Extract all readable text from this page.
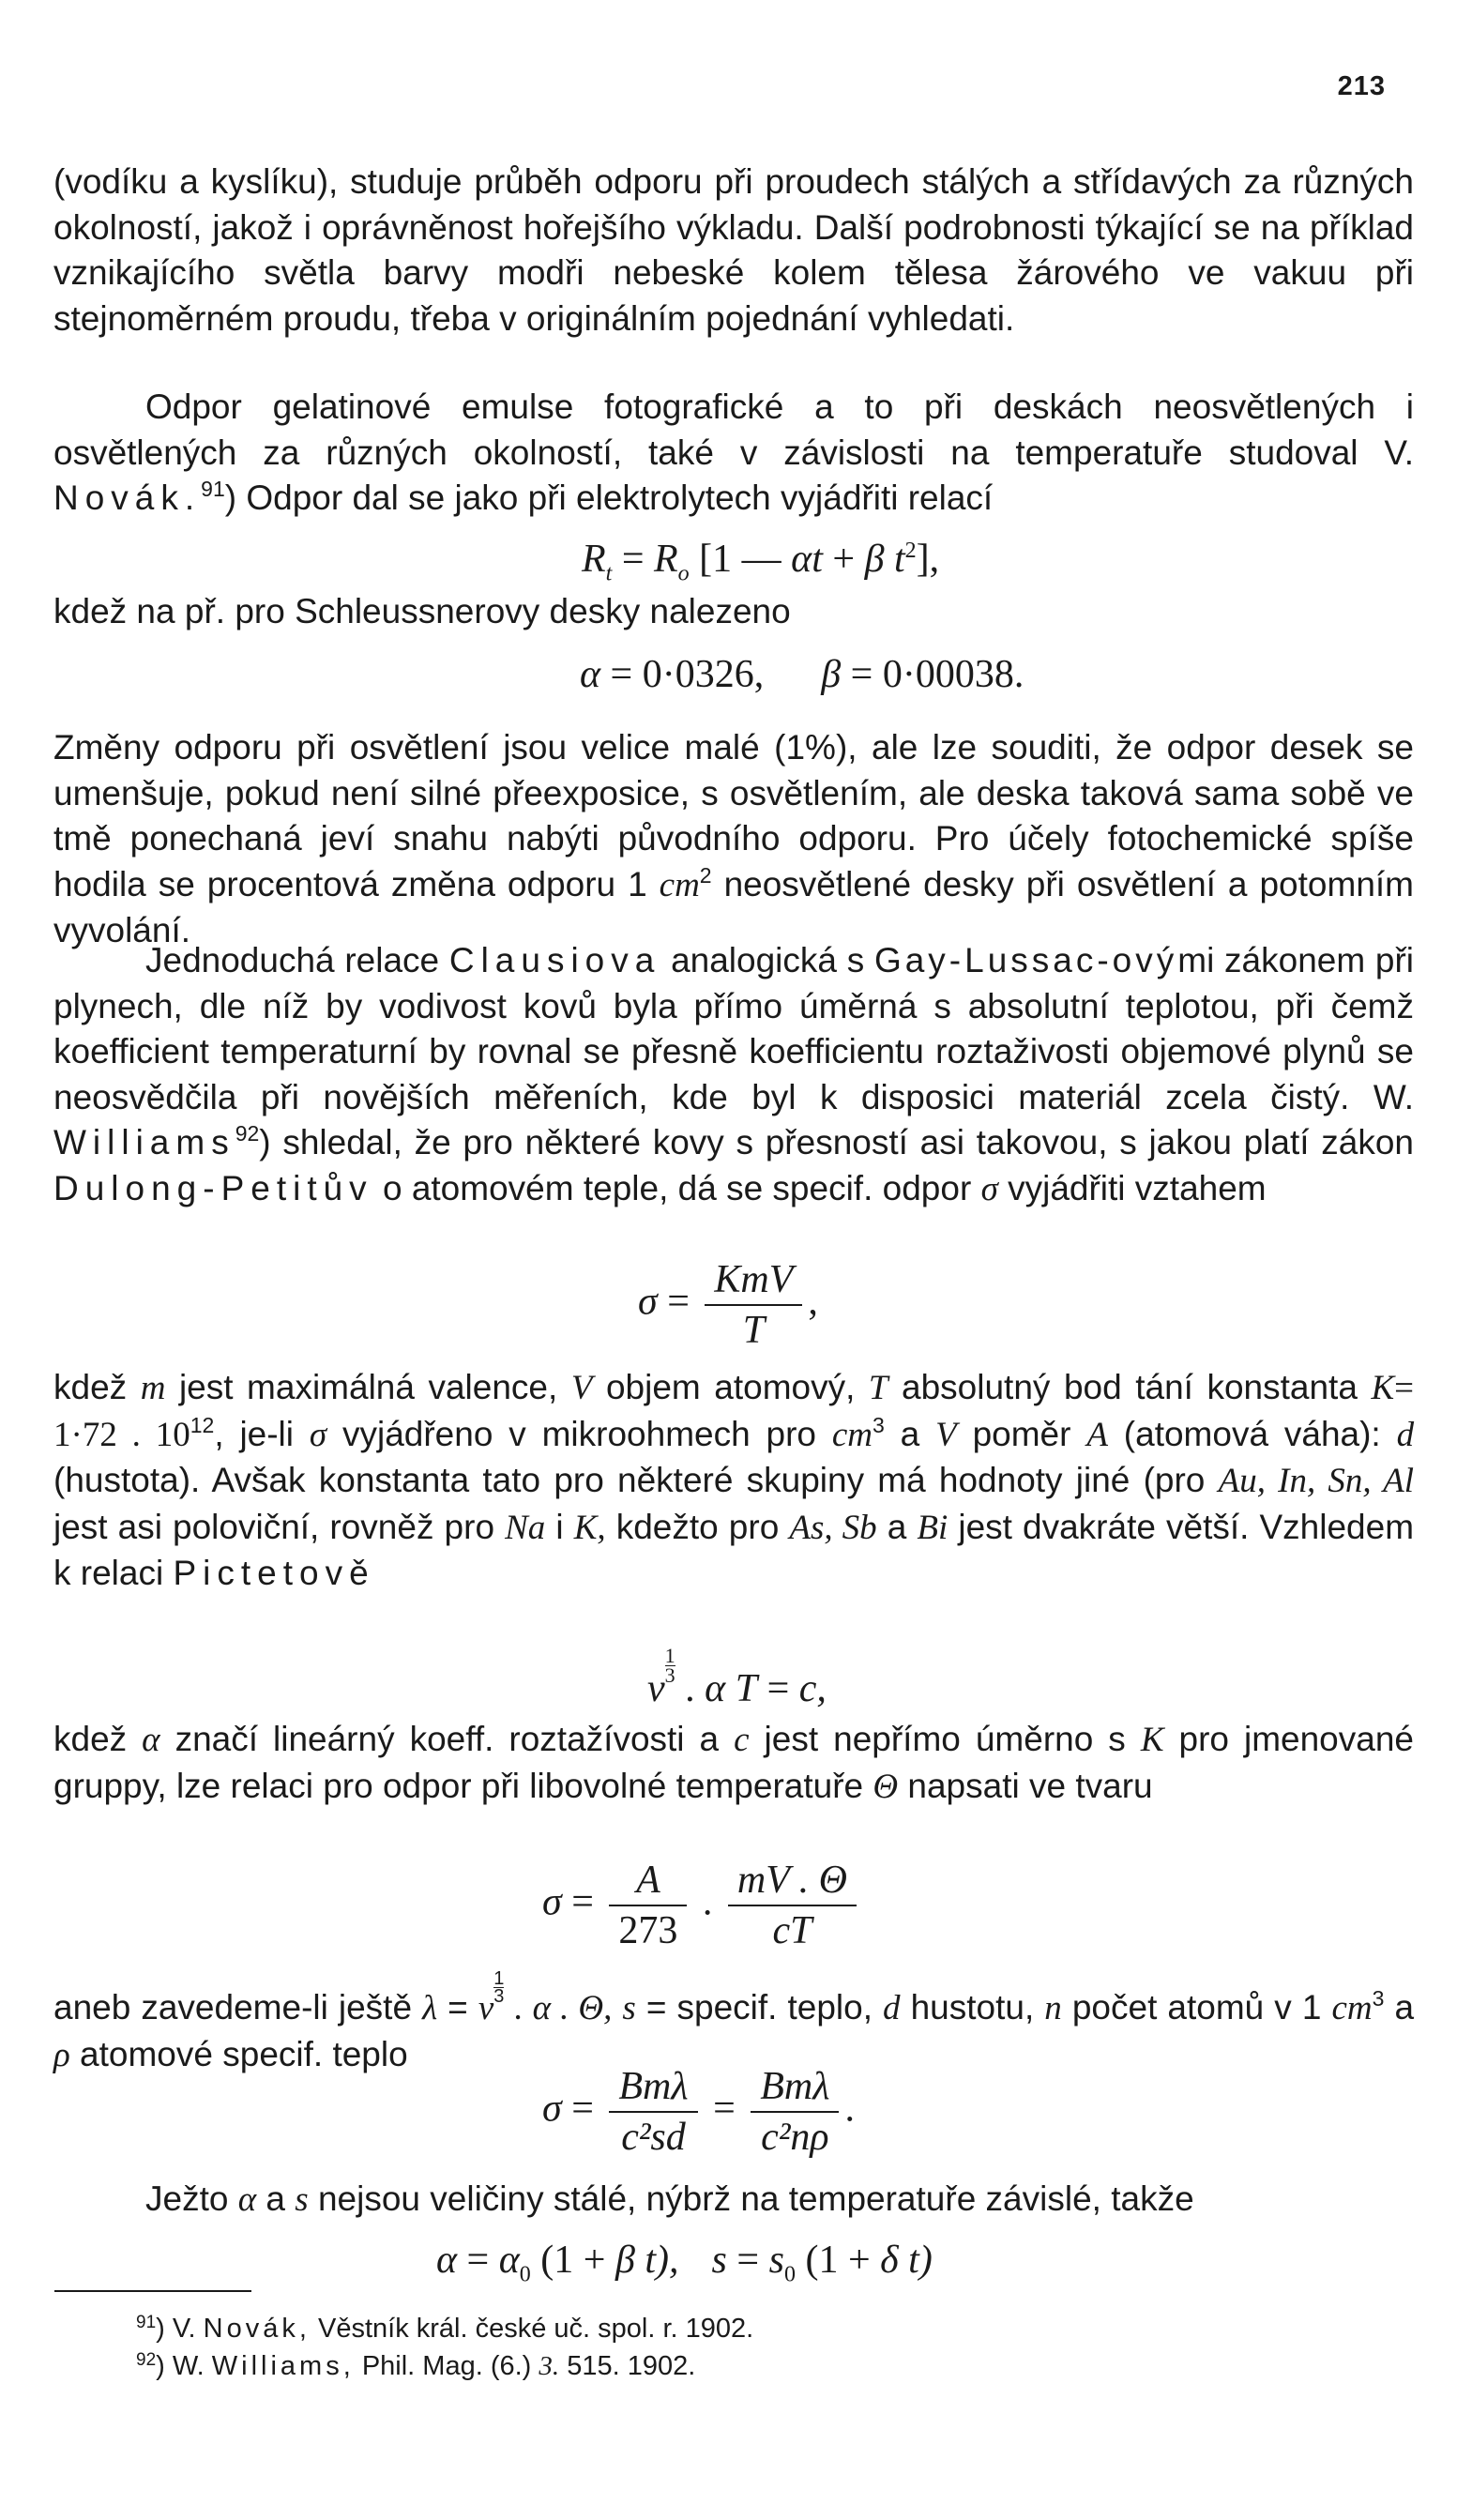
213

(vodíku a kyslíku), studuje průběh odporu při proudech stálých a střídavých za různých okolností, jakož i oprávněnost hořejšího výkladu. Další podrobnosti týkající se na příklad vznikajícího světla barvy modři nebeské kolem tělesa žárového ve vakuu při stejnoměrném proudu, třeba v originálním pojednání vyhledati.

Odpor gelatinové emulse fotografické a to při deskách neosvětlených i osvětlených za různých okolností, také v závislosti na temperatuře studoval V. Novák.$^{91}$) Odpor dal se jako při elektrolytech vyjádřiti relací

$R_t = R_o$ [1 — αt + β $t^2$],

kdež na př. pro Schleussnerovy desky nalezeno

α = 0·0326, β = 0·00038.

Změny odporu při osvětlení jsou velice malé (1%), ale lze souditi, že odpor desek se umenšuje, pokud není silné přeexposice, s osvětlením, ale deska taková sama sobě ve tmě ponechaná jeví snahu nabýti původního odporu. Pro účely fotochemické spíše hodila se procentová změna odporu 1 cm$^2$ neosvětlené desky při osvětlení a potomním vyvolání.

Jednoduchá relace Clausiova analogická s Gay-Lussac-ovými zákonem při plynech, dle níž by vodivost kovů byla přímo úměrná s absolutní teplotou, při čemž koefficient temperaturní by rovnal se přesně koefficientu roztaživosti objemové plynů se neosvědčila při novějších měřeních, kde byl k disposici materiál zcela čistý. W. Williams$^{92}$) shledal, že pro některé kovy s přesností asi takovou, s jakou platí zákon Dulong-Petitův o atomovém teple, dá se specif. odpor σ vyjádřiti vztahem

$\sigma = \frac{\text{KmV}}{T}$ ,

kdež m jest maximálná valence, V objem atomový, T absolutný bod tání konstanta K= 1·72 . 10$^{12}$, je-li σ vyjádřeno v mikroohmech pro cm$^3$ a V poměr A (atomová váha): d (hustota). Avšak konstanta tato pro některé skupiny má hodnoty jiné (pro Au, In, Sn, Al jest asi poloviční, rovněž pro Na i K, kdežto pro As, Sb a Bi jest dvakráte větší. Vzhledem k relaci Pictetově

v
$^{\frac{1}{3}}$
. α T = c,

kdež α značí lineárný koeff. roztažívosti a c jest nepřímo úměrno s K pro jmenované gruppy, lze relaci pro odpor při libovolné temperatuře Θ napsati ve tvaru

$\sigma = \frac{A}{273}$ . $\frac{mV . \Theta}{cT}$

aneb zavedeme-li ještě λ = v
$^{\frac{1}{3}}$
. α . Θ, s = specif. teplo, d hustotu, n počet atomů v 1 cm$^3$ a ρ atomové specif. teplo

$\sigma = \frac{\text{Bmλ}}{\text{c²sd}} = \frac{\text{Bmλ}}{\text{c²nρ}}$ .

Ježto α a s nejsou veličiny stálé, nýbrž na temperatuře závislé, takže

$\alpha = \alpha_0$ (1 + β t), $s = s_0$ (1 + δ t)

$^{91}$) V. Novák, Věstník král. české uč. spol. r. 1902.

$^{92}$) W. Williams, Phil. Mag. (6.) 3. 515. 1902.
